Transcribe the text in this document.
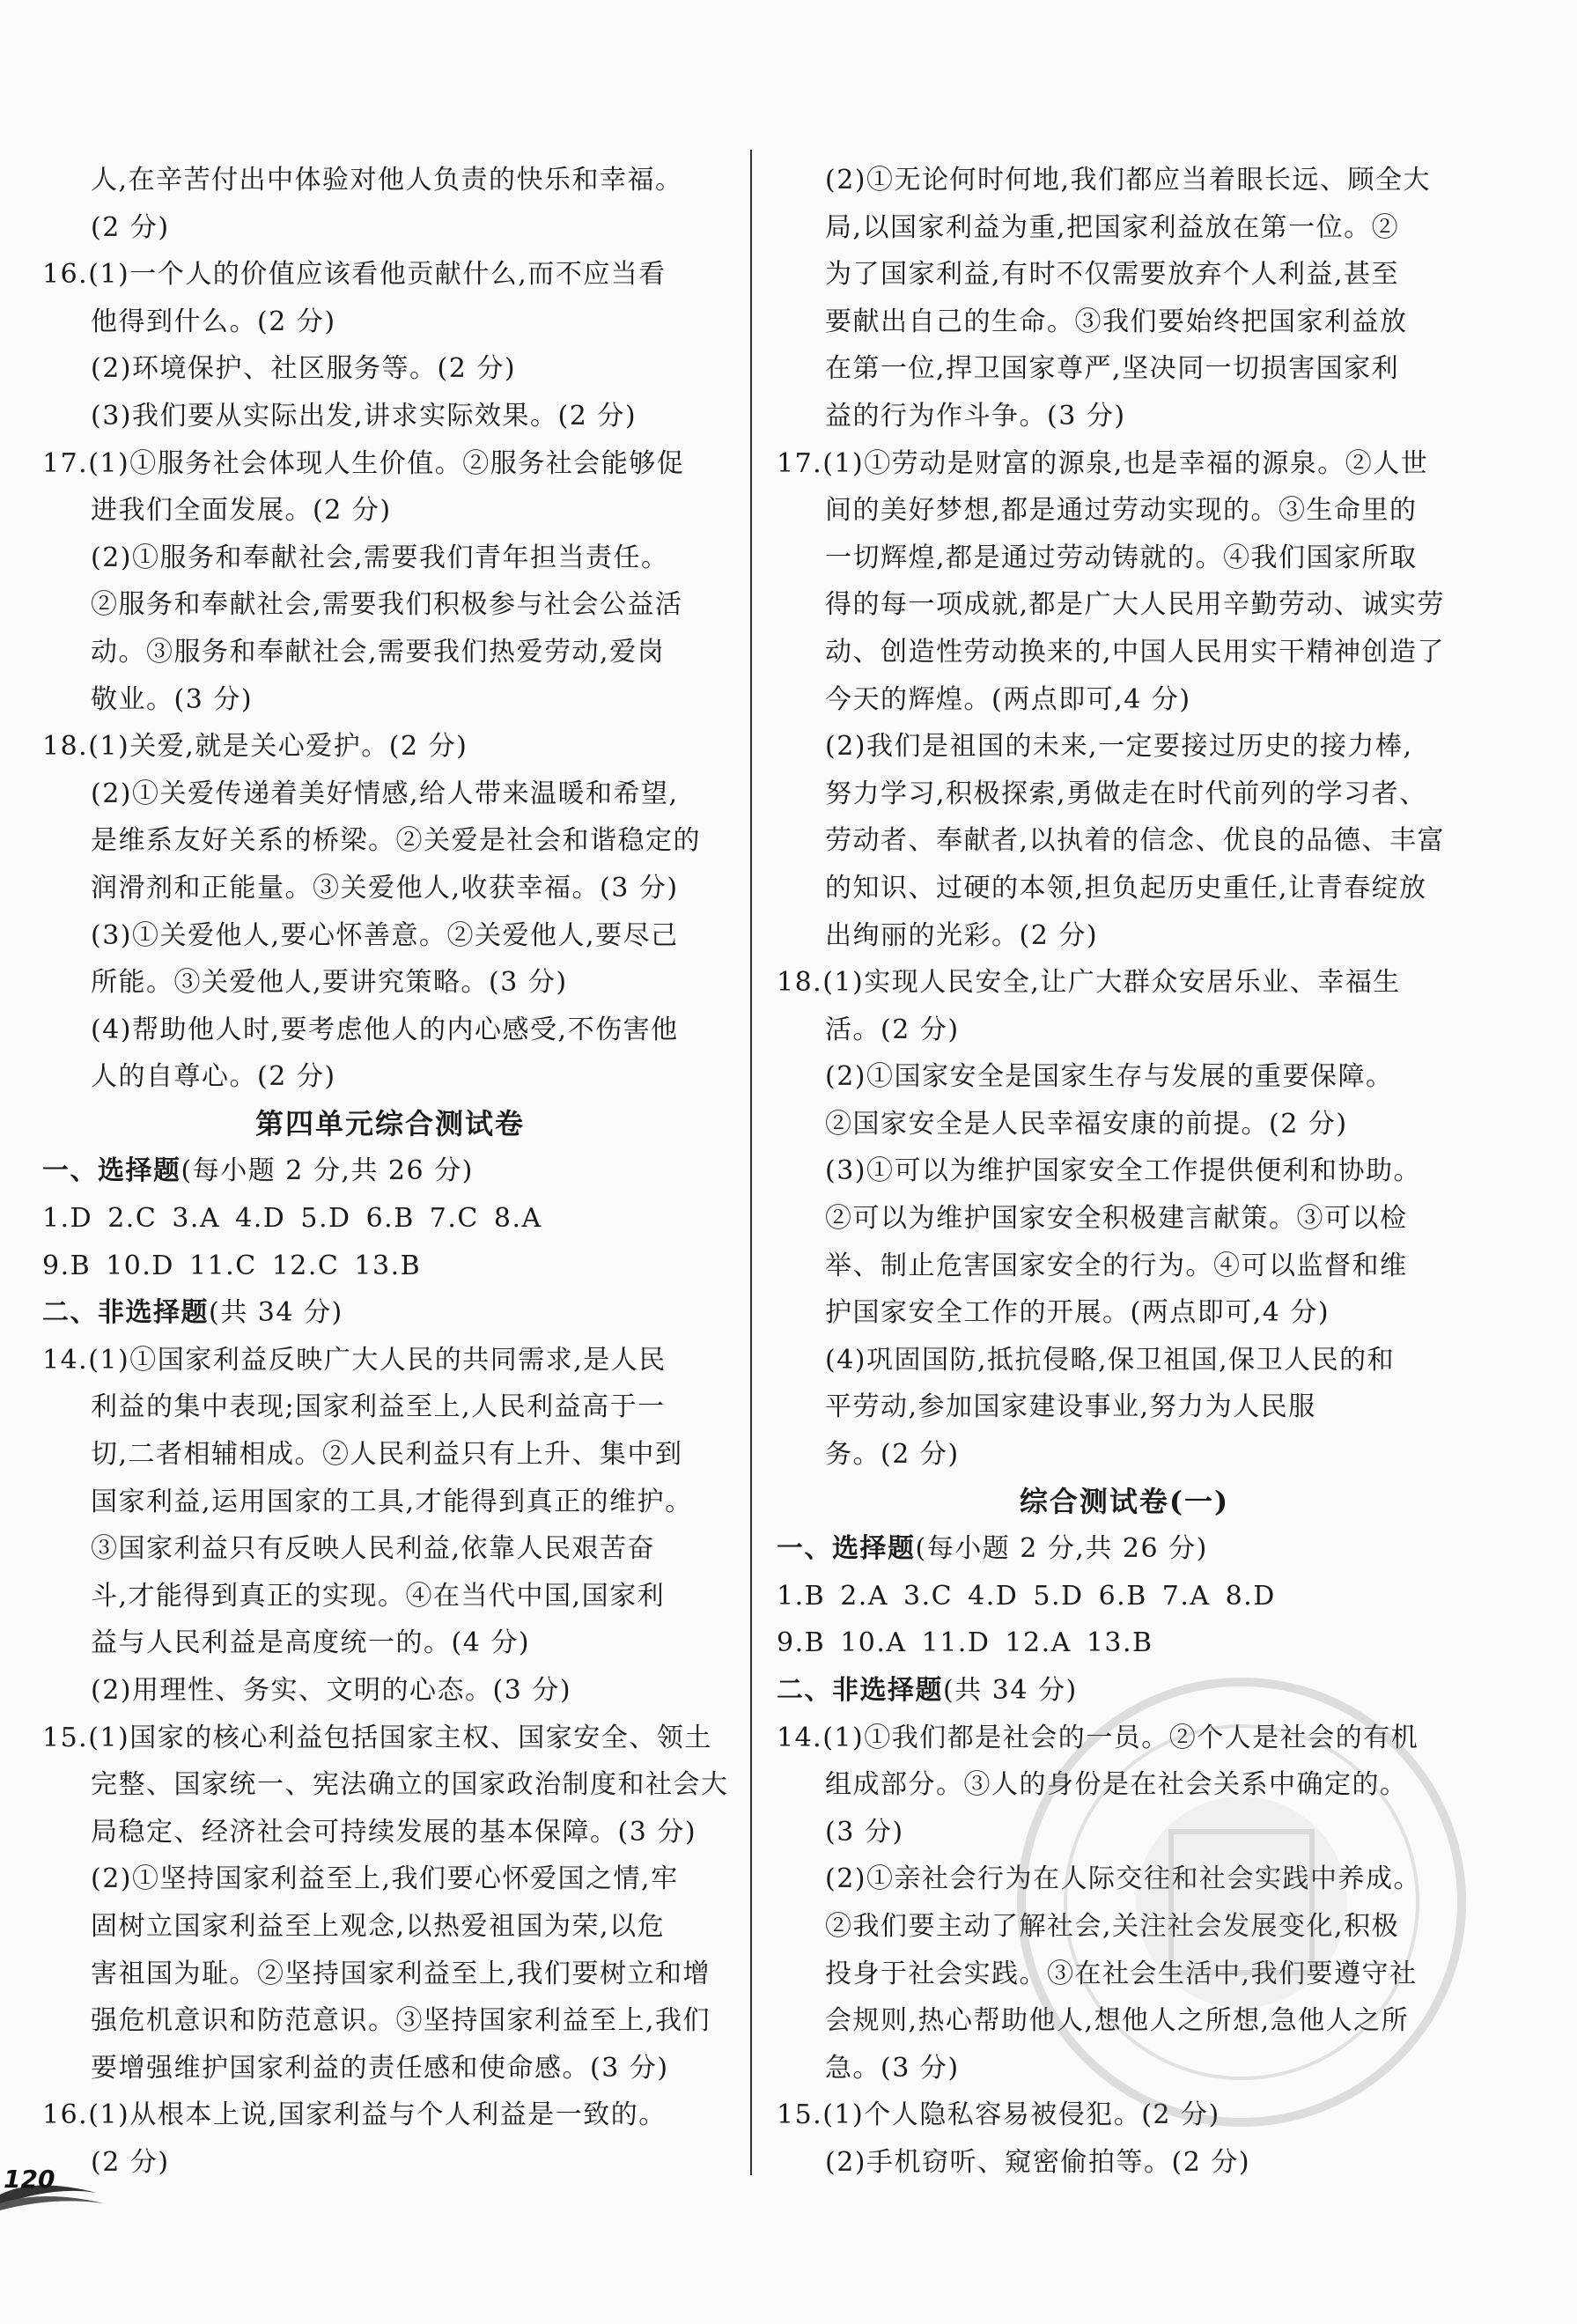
人,在辛苦付出中体验对他人负责的快乐和幸福。
(2 分)
16.(1)一个人的价值应该看他贡献什么,而不应当看
他得到什么。(2 分)
(2)环境保护、社区服务等。(2 分)
(3)我们要从实际出发,讲求实际效果。(2 分)
17.(1)①服务社会体现人生价值。②服务社会能够促
进我们全面发展。(2 分)
(2)①服务和奉献社会,需要我们青年担当责任。
②服务和奉献社会,需要我们积极参与社会公益活
动。③服务和奉献社会,需要我们热爱劳动,爱岗
敬业。(3 分)
18.(1)关爱,就是关心爱护。(2 分)
(2)①关爱传递着美好情感,给人带来温暖和希望,
是维系友好关系的桥梁。②关爱是社会和谐稳定的
润滑剂和正能量。③关爱他人,收获幸福。(3 分)
(3)①关爱他人,要心怀善意。②关爱他人,要尽己
所能。③关爱他人,要讲究策略。(3 分)
(4)帮助他人时,要考虑他人的内心感受,不伤害他
人的自尊心。(2 分)
第四单元综合测试卷
一、选择题(每小题 2 分,共 26 分)
1.D 2.C 3.A 4.D 5.D 6.B 7.C 8.A
9.B 10.D 11.C 12.C 13.B
二、非选择题(共 34 分)
14.(1)①国家利益反映广大人民的共同需求,是人民
利益的集中表现;国家利益至上,人民利益高于一
切,二者相辅相成。②人民利益只有上升、集中到
国家利益,运用国家的工具,才能得到真正的维护。
③国家利益只有反映人民利益,依靠人民艰苦奋
斗,才能得到真正的实现。④在当代中国,国家利
益与人民利益是高度统一的。(4 分)
(2)用理性、务实、文明的心态。(3 分)
15.(1)国家的核心利益包括国家主权、国家安全、领土
完整、国家统一、宪法确立的国家政治制度和社会大
局稳定、经济社会可持续发展的基本保障。(3 分)
(2)①坚持国家利益至上,我们要心怀爱国之情,牢
固树立国家利益至上观念,以热爱祖国为荣,以危
害祖国为耻。②坚持国家利益至上,我们要树立和增
强危机意识和防范意识。③坚持国家利益至上,我们
要增强维护国家利益的责任感和使命感。(3 分)
16.(1)从根本上说,国家利益与个人利益是一致的。
(2 分)
(2)①无论何时何地,我们都应当着眼长远、顾全大
局,以国家利益为重,把国家利益放在第一位。②
为了国家利益,有时不仅需要放弃个人利益,甚至
要献出自己的生命。③我们要始终把国家利益放
在第一位,捍卫国家尊严,坚决同一切损害国家利
益的行为作斗争。(3 分)
17.(1)①劳动是财富的源泉,也是幸福的源泉。②人世
间的美好梦想,都是通过劳动实现的。③生命里的
一切辉煌,都是通过劳动铸就的。④我们国家所取
得的每一项成就,都是广大人民用辛勤劳动、诚实劳
动、创造性劳动换来的,中国人民用实干精神创造了
今天的辉煌。(两点即可,4 分)
(2)我们是祖国的未来,一定要接过历史的接力棒,
努力学习,积极探索,勇做走在时代前列的学习者、
劳动者、奉献者,以执着的信念、优良的品德、丰富
的知识、过硬的本领,担负起历史重任,让青春绽放
出绚丽的光彩。(2 分)
18.(1)实现人民安全,让广大群众安居乐业、幸福生
活。(2 分)
(2)①国家安全是国家生存与发展的重要保障。
②国家安全是人民幸福安康的前提。(2 分)
(3)①可以为维护国家安全工作提供便利和协助。
②可以为维护国家安全积极建言献策。③可以检
举、制止危害国家安全的行为。④可以监督和维
护国家安全工作的开展。(两点即可,4 分)
(4)巩固国防,抵抗侵略,保卫祖国,保卫人民的和
平劳动,参加国家建设事业,努力为人民服
务。(2 分)
综合测试卷(一)
一、选择题(每小题 2 分,共 26 分)
1.B 2.A 3.C 4.D 5.D 6.B 7.A 8.D
9.B 10.A 11.D 12.A 13.B
二、非选择题(共 34 分)
14.(1)①我们都是社会的一员。②个人是社会的有机
组成部分。③人的身份是在社会关系中确定的。
(3 分)
(2)①亲社会行为在人际交往和社会实践中养成。
②我们要主动了解社会,关注社会发展变化,积极
投身于社会实践。③在社会生活中,我们要遵守社
会规则,热心帮助他人,想他人之所想,急他人之所
急。(3 分)
15.(1)个人隐私容易被侵犯。(2 分)
(2)手机窃听、窥密偷拍等。(2 分)
120
